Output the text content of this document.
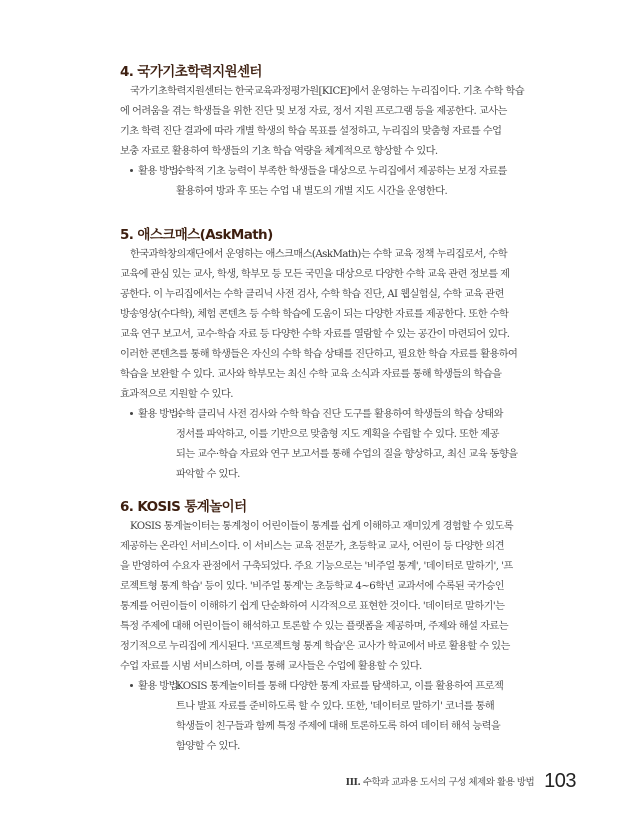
4. 국가기초학력지원센터
국가기초학력지원센터는 한국교육과정평가원[KICE]에서 운영하는 누리집이다. 기초 수학 학습
에 어려움을 겪는 학생들을 위한 진단 및 보정 자료, 정서 지원 프로그램 등을 제공한다. 교사는
기초 학력 진단 결과에 따라 개별 학생의 학습 목표를 설정하고, 누리집의 맞춤형 자료를 수업
보충 자료로 활용하여 학생들의 기초 학습 역량을 체계적으로 향상할 수 있다.
활용 방법:
수학적 기초 능력이 부족한 학생들을 대상으로 누리집에서 제공하는 보정 자료를
활용하여 방과 후 또는 수업 내 별도의 개별 지도 시간을 운영한다.
5. 애스크매스(AskMath)
한국과학창의재단에서 운영하는 애스크매스(AskMath)는 수학 교육 정책 누리집로서, 수학
교육에 관심 있는 교사, 학생, 학부모 등 모든 국민을 대상으로 다양한 수학 교육 관련 정보를 제
공한다. 이 누리집에서는 수학 클리닉 사전 검사, 수학 학습 진단, AI 웹실험실, 수학 교육 관련
방송영상(수다학), 체험 콘텐츠 등 수학 학습에 도움이 되는 다양한 자료를 제공한다. 또한 수학
교육 연구 보고서, 교수·학습 자료 등 다양한 수학 자료를 열람할 수 있는 공간이 마련되어 있다.
이러한 콘텐츠를 통해 학생들은 자신의 수학 학습 상태를 진단하고, 필요한 학습 자료를 활용하여
학습을 보완할 수 있다. 교사와 학부모는 최신 수학 교육 소식과 자료를 통해 학생들의 학습을
효과적으로 지원할 수 있다.
활용 방법:
수학 클리닉 사전 검사와 수학 학습 진단 도구를 활용하여 학생들의 학습 상태와
정서를 파악하고, 이를 기반으로 맞춤형 지도 계획을 수립할 수 있다. 또한 제공
되는 교수·학습 자료와 연구 보고서를 통해 수업의 질을 향상하고, 최신 교육 동향을
파악할 수 있다.
6. KOSIS 통계놀이터
KOSIS 통계놀이터는 통계청이 어린이들이 통계를 쉽게 이해하고 재미있게 경험할 수 있도록
제공하는 온라인 서비스이다. 이 서비스는 교육 전문가, 초등학교 교사, 어린이 등 다양한 의견
을 반영하여 수요자 관점에서 구축되었다. 주요 기능으로는 '비주얼 통계', '데이터로 말하기', '프
로젝트형 통계 학습' 등이 있다. '비주얼 통계'는 초등학교 4~6학년 교과서에 수록된 국가승인
통계를 어린이들이 이해하기 쉽게 단순화하여 시각적으로 표현한 것이다. '데이터로 말하기'는
특정 주제에 대해 어린이들이 해석하고 토론할 수 있는 플랫폼을 제공하며, 주제와 해설 자료는
정기적으로 누리집에 게시된다. '프로젝트형 통계 학습'은 교사가 학교에서 바로 활용할 수 있는
수업 자료를 시범 서비스하며, 이를 통해 교사들은 수업에 활용할 수 있다.
활용 방법:
KOSIS 통계놀이터를 통해 다양한 통계 자료를 탐색하고, 이를 활용하여 프로젝
트나 발표 자료를 준비하도록 할 수 있다. 또한, '데이터로 말하기' 코너를 통해
학생들이 친구들과 함께 특정 주제에 대해 토론하도록 하여 데이터 해석 능력을
함양할 수 있다.
III. 수학과 교과용 도서의 구성 체제와 활용 방법 103
